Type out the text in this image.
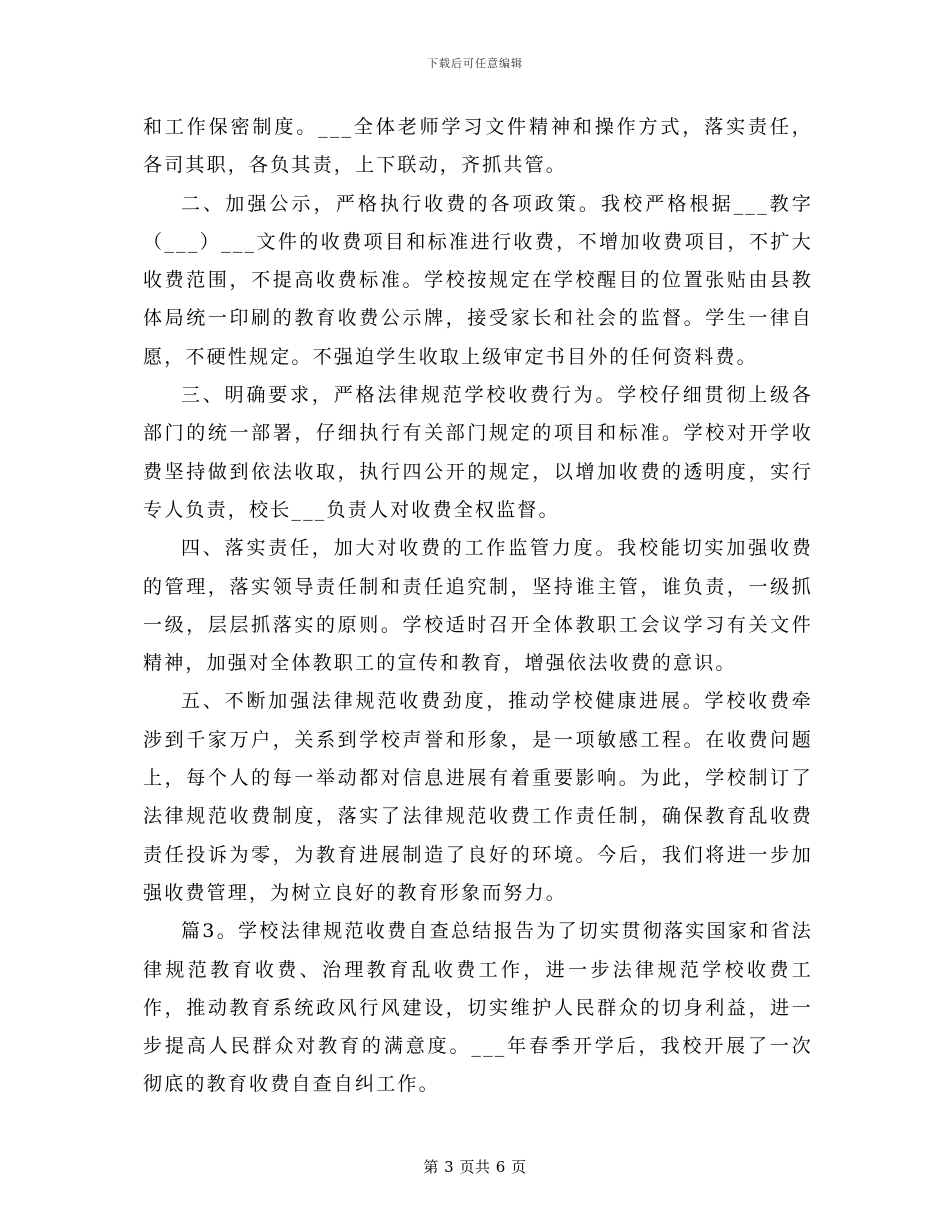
下载后可任意编辑

和工作保密制度。___全体老师学习文件精神和操作方式，落实责任，各司其职，各负其责，上下联动，齐抓共管。

二、加强公示，严格执行收费的各项政策。我校严格根据___教字（___）___文件的收费项目和标准进行收费，不增加收费项目，不扩大收费范围，不提高收费标准。学校按规定在学校醒目的位置张贴由县教体局统一印刷的教育收费公示牌，接受家长和社会的监督。学生一律自愿，不硬性规定。不强迫学生收取上级审定书目外的任何资料费。

三、明确要求，严格法律规范学校收费行为。学校仔细贯彻上级各部门的统一部署，仔细执行有关部门规定的项目和标准。学校对开学收费坚持做到依法收取，执行四公开的规定，以增加收费的透明度，实行专人负责，校长___负责人对收费全权监督。

四、落实责任，加大对收费的工作监管力度。我校能切实加强收费的管理，落实领导责任制和责任追究制，坚持谁主管，谁负责，一级抓一级，层层抓落实的原则。学校适时召开全体教职工会议学习有关文件精神，加强对全体教职工的宣传和教育，增强依法收费的意识。

五、不断加强法律规范收费劲度，推动学校健康进展。学校收费牵涉到千家万户，关系到学校声誉和形象，是一项敏感工程。在收费问题上，每个人的每一举动都对信息进展有着重要影响。为此，学校制订了法律规范收费制度，落实了法律规范收费工作责任制，确保教育乱收费责任投诉为零，为教育进展制造了良好的环境。今后，我们将进一步加强收费管理，为树立良好的教育形象而努力。

篇3。学校法律规范收费自查总结报告为了切实贯彻落实国家和省法律规范教育收费、治理教育乱收费工作，进一步法律规范学校收费工作，推动教育系统政风行风建设，切实维护人民群众的切身利益，进一步提高人民群众对教育的满意度。___年春季开学后，我校开展了一次彻底的教育收费自查自纠工作。

第 3 页共 6 页
